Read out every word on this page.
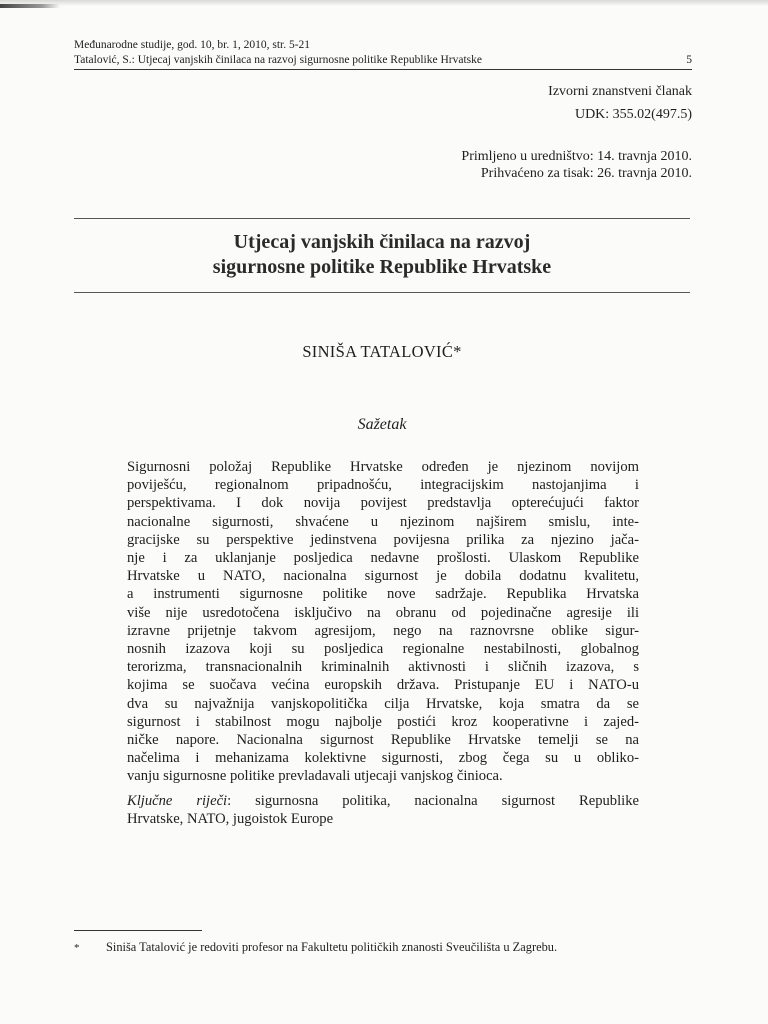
Međunarodne studije, god. 10, br. 1, 2010, str. 5-21
Tatalović, S.: Utjecaj vanjskih činilaca na razvoj sigurnosne politike Republike Hrvatske	5
Izvorni znanstveni članak
UDK: 355.02(497.5)
Primljeno u uredništvo: 14. travnja 2010.
Prihvaćeno za tisak: 26. travnja 2010.
Utjecaj vanjskih činilaca na razvoj
sigurnosne politike Republike Hrvatske
SINIŠA TATALOVIĆ*
Sažetak
Sigurnosni položaj Republike Hrvatske određen je njezinom novijom
poviješću, regionalnom pripadnošću, integracijskim nastojanjima i
perspektivama. I dok novija povijest predstavlja opterećujući faktor
nacionalne sigurnosti, shvaćene u njezinom najširem smislu, inte-
gracijske su perspektive jedinstvena povijesna prilika za njezino jača-
nje i za uklanjanje posljedica nedavne prošlosti. Ulaskom Republike
Hrvatske u NATO, nacionalna sigurnost je dobila dodatnu kvalitetu,
a instrumenti sigurnosne politike nove sadržaje. Republika Hrvatska
više nije usredotočena isključivo na obranu od pojedinačne agresije ili
izravne prijetnje takvom agresijom, nego na raznovrsne oblike sigur-
nosnih izazova koji su posljedica regionalne nestabilnosti, globalnog
terorizma, transnacionalnih kriminalnih aktivnosti i sličnih izazova, s
kojima se suočava većina europskih država. Pristupanje EU i NATO-u
dva su najvažnija vanjskopolitička cilja Hrvatske, koja smatra da se
sigurnost i stabilnost mogu najbolje postići kroz kooperativne i zajed-
ničke napore. Nacionalna sigurnost Republike Hrvatske temelji se na
načelima i mehanizama kolektivne sigurnosti, zbog čega su u obliko-
vanju sigurnosne politike prevladavali utjecaji vanjskog činioca.
Ključne riječi: sigurnosna politika, nacionalna sigurnost Republike
Hrvatske, NATO, jugoistok Europe
* Siniša Tatalović je redoviti profesor na Fakultetu političkih znanosti Sveučilišta u Zagrebu.
